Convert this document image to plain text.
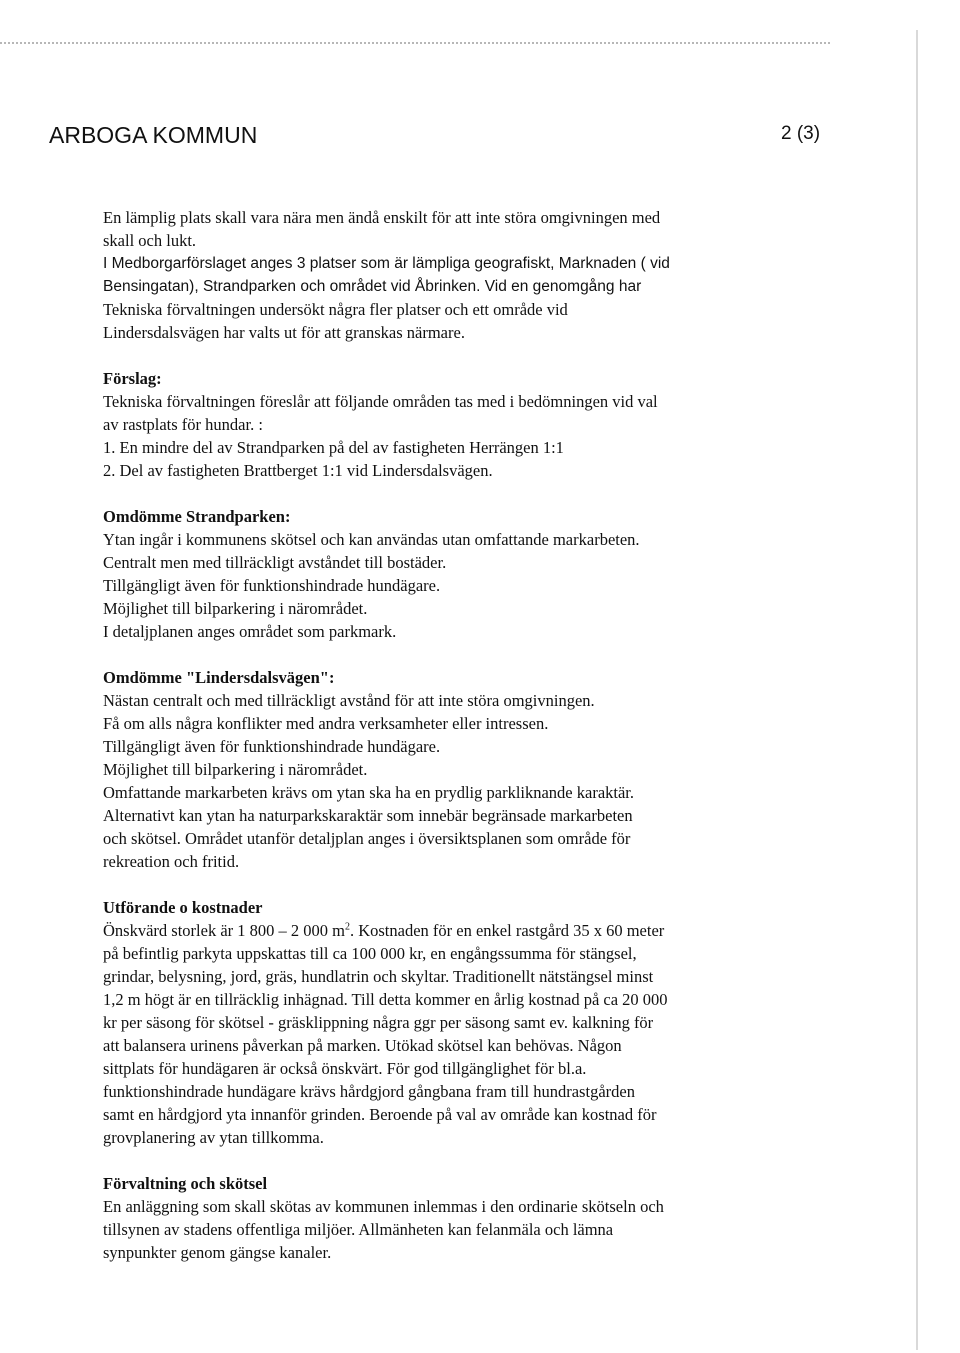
ARBOGA KOMMUN	2 (3)
En lämplig plats skall vara nära men ändå enskilt för att inte störa omgivningen med
skall och lukt.
I Medborgarförslaget anges 3 platser som är lämpliga geografiskt, Marknaden ( vid
Bensingatan), Strandparken och området vid Åbrinken. Vid en genomgång har
Tekniska förvaltningen undersökt några fler platser och ett område vid
Lindersdalsvägen har valts ut för att granskas närmare.
Förslag:
Tekniska förvaltningen föreslår att följande områden tas med i bedömningen vid val
av rastplats för hundar. :
1. En mindre del av Strandparken på del av fastigheten Herrängen 1:1
2. Del av fastigheten Brattberget 1:1 vid Lindersdalsvägen.
Omdömme Strandparken:
Ytan ingår i kommunens skötsel och kan användas utan omfattande markarbeten.
Centralt men med tillräckligt avståndet till bostäder.
Tillgängligt även för funktionshindrade hundägare.
Möjlighet till bilparkering i närområdet.
I detaljplanen anges området som parkmark.
Omdömme "Lindersdalsvägen":
Nästan centralt och med tillräckligt avstånd för att inte störa omgivningen.
Få om alls några konflikter med andra verksamheter eller intressen.
Tillgängligt även för funktionshindrade hundägare.
Möjlighet till bilparkering i närområdet.
Omfattande markarbeten krävs om ytan ska ha en prydlig parkliknande karaktär.
Alternativt kan ytan ha naturparkskaraktär som innebär begränsade markarbeten
och skötsel. Området utanför detaljplan anges i översiktsplanen som område för
rekreation och fritid.
Utförande o kostnader
Önskvärd storlek är 1 800 – 2 000 $m^2$. Kostnaden för en enkel rastgård 35 x 60 meter
på befintlig parkyta uppskattas till ca 100 000 kr, en engångssumma för stängsel,
grindar, belysning, jord, gräs, hundlatrin och skyltar. Traditionellt nätstängsel minst
1,2 m högt är en tillräcklig inhägnad. Till detta kommer en årlig kostnad på ca 20 000
kr per säsong för skötsel - gräsklippning några ggr per säsong samt ev. kalkning för
att balansera urinens påverkan på marken. Utökad skötsel kan behövas. Någon
sittplats för hundägaren är också önskvärt. För god tillgänglighet för bl.a.
funktionshindrade hundägare krävs hårdgjord gångbana fram till hundrastgården
samt en hårdgjord yta innanför grinden. Beroende på val av område kan kostnad för
grovplanering av ytan tillkomma.
Förvaltning och skötsel
En anläggning som skall skötas av kommunen inlemmas i den ordinarie skötseln och
tillsynen av stadens offentliga miljöer. Allmänheten kan felanmäla och lämna
synpunkter genom gängse kanaler.
